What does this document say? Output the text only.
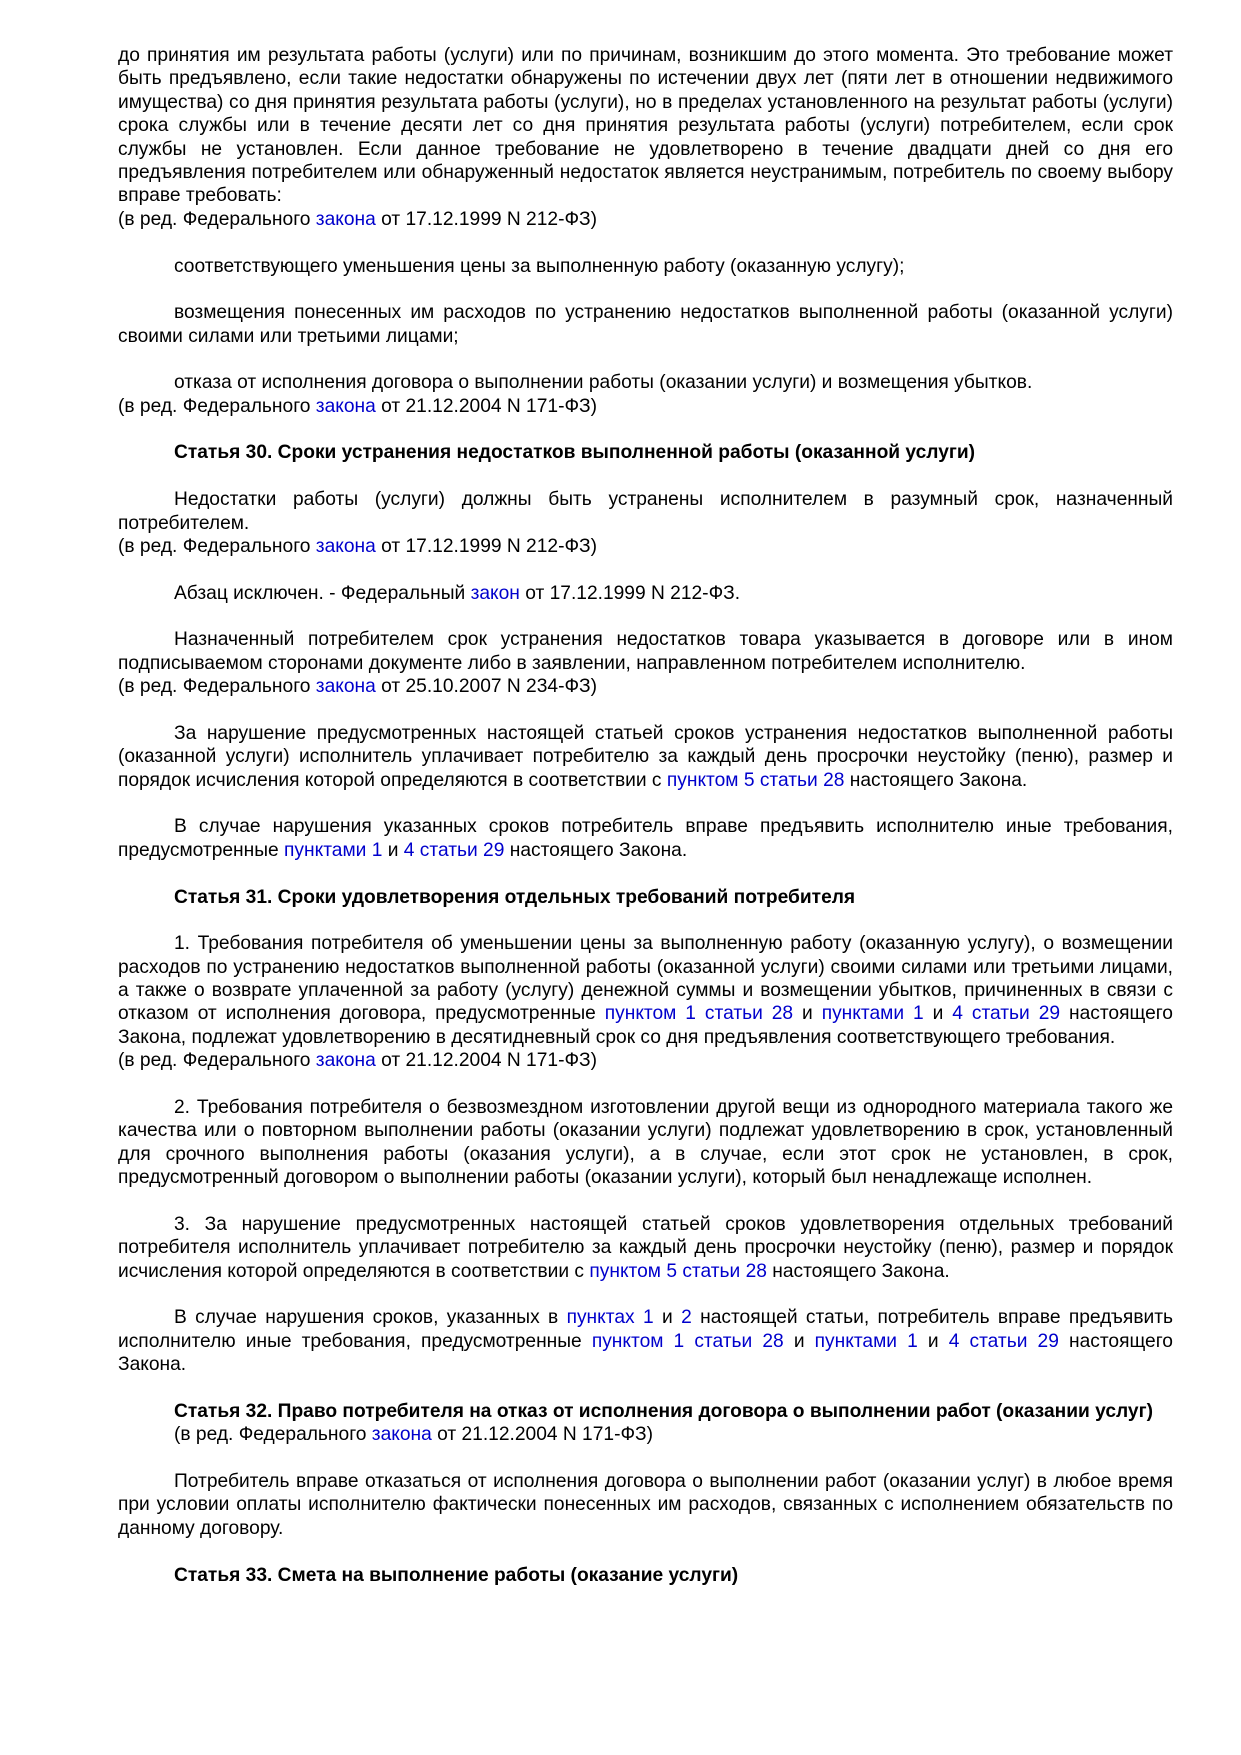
до принятия им результата работы (услуги) или по причинам, возникшим до этого момента. Это требование может быть предъявлено, если такие недостатки обнаружены по истечении двух лет (пяти лет в отношении недвижимого имущества) со дня принятия результата работы (услуги), но в пределах установленного на результат работы (услуги) срока службы или в течение десяти лет со дня принятия результата работы (услуги) потребителем, если срок службы не установлен. Если данное требование не удовлетворено в течение двадцати дней со дня его предъявления потребителем или обнаруженный недостаток является неустранимым, потребитель по своему выбору вправе требовать:
(в ред. Федерального закона от 17.12.1999 N 212-ФЗ)
соответствующего уменьшения цены за выполненную работу (оказанную услугу);
возмещения понесенных им расходов по устранению недостатков выполненной работы (оказанной услуги) своими силами или третьими лицами;
отказа от исполнения договора о выполнении работы (оказании услуги) и возмещения убытков.
(в ред. Федерального закона от 21.12.2004 N 171-ФЗ)
Статья 30. Сроки устранения недостатков выполненной работы (оказанной услуги)
Недостатки работы (услуги) должны быть устранены исполнителем в разумный срок, назначенный потребителем.
(в ред. Федерального закона от 17.12.1999 N 212-ФЗ)
Абзац исключен. - Федеральный закон от 17.12.1999 N 212-ФЗ.
Назначенный потребителем срок устранения недостатков товара указывается в договоре или в ином подписываемом сторонами документе либо в заявлении, направленном потребителем исполнителю.
(в ред. Федерального закона от 25.10.2007 N 234-ФЗ)
За нарушение предусмотренных настоящей статьей сроков устранения недостатков выполненной работы (оказанной услуги) исполнитель уплачивает потребителю за каждый день просрочки неустойку (пеню), размер и порядок исчисления которой определяются в соответствии с пунктом 5 статьи 28 настоящего Закона.
В случае нарушения указанных сроков потребитель вправе предъявить исполнителю иные требования, предусмотренные пунктами 1 и 4 статьи 29 настоящего Закона.
Статья 31. Сроки удовлетворения отдельных требований потребителя
1. Требования потребителя об уменьшении цены за выполненную работу (оказанную услугу), о возмещении расходов по устранению недостатков выполненной работы (оказанной услуги) своими силами или третьими лицами, а также о возврате уплаченной за работу (услугу) денежной суммы и возмещении убытков, причиненных в связи с отказом от исполнения договора, предусмотренные пунктом 1 статьи 28 и пунктами 1 и 4 статьи 29 настоящего Закона, подлежат удовлетворению в десятидневный срок со дня предъявления соответствующего требования.
(в ред. Федерального закона от 21.12.2004 N 171-ФЗ)
2. Требования потребителя о безвозмездном изготовлении другой вещи из однородного материала такого же качества или о повторном выполнении работы (оказании услуги) подлежат удовлетворению в срок, установленный для срочного выполнения работы (оказания услуги), а в случае, если этот срок не установлен, в срок, предусмотренный договором о выполнении работы (оказании услуги), который был ненадлежаще исполнен.
3. За нарушение предусмотренных настоящей статьей сроков удовлетворения отдельных требований потребителя исполнитель уплачивает потребителю за каждый день просрочки неустойку (пеню), размер и порядок исчисления которой определяются в соответствии с пунктом 5 статьи 28 настоящего Закона.
В случае нарушения сроков, указанных в пунктах 1 и 2 настоящей статьи, потребитель вправе предъявить исполнителю иные требования, предусмотренные пунктом 1 статьи 28 и пунктами 1 и 4 статьи 29 настоящего Закона.
Статья 32. Право потребителя на отказ от исполнения договора о выполнении работ (оказании услуг)
(в ред. Федерального закона от 21.12.2004 N 171-ФЗ)
Потребитель вправе отказаться от исполнения договора о выполнении работ (оказании услуг) в любое время при условии оплаты исполнителю фактически понесенных им расходов, связанных с исполнением обязательств по данному договору.
Статья 33. Смета на выполнение работы (оказание услуги)
